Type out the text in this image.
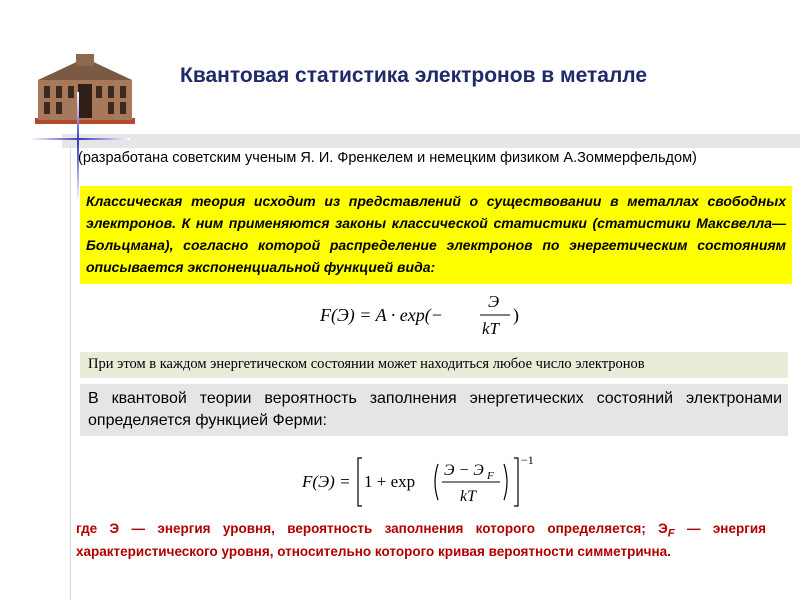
Квантовая статистика электронов в металле
(разработана советским ученым Я. И. Френкелем и немецким физиком А.Зоммерфельдом)
Классическая теория исходит из представлений о существовании в металлах свободных электронов. К ним применяются законы классической статистики (статистики Максвелла—Больцмана), согласно которой распределение электронов по энергетическим состояниям описывается экспоненциальной функцией вида:
F(Э) = A · exp(−
Э
kT
)
При этом в каждом энергетическом состоянии может находиться любое число электронов
В квантовой теории вероятность заполнения энергетических состояний электронами определяется функцией Ферми:
F(Э) = 1 + exp
Э − Э F
kT
−1
где Э — энергия уровня, вероятность заполнения которого определяется; $Э_F$ — энергия характеристического уровня, относительно которого кривая вероятности симметрична.
